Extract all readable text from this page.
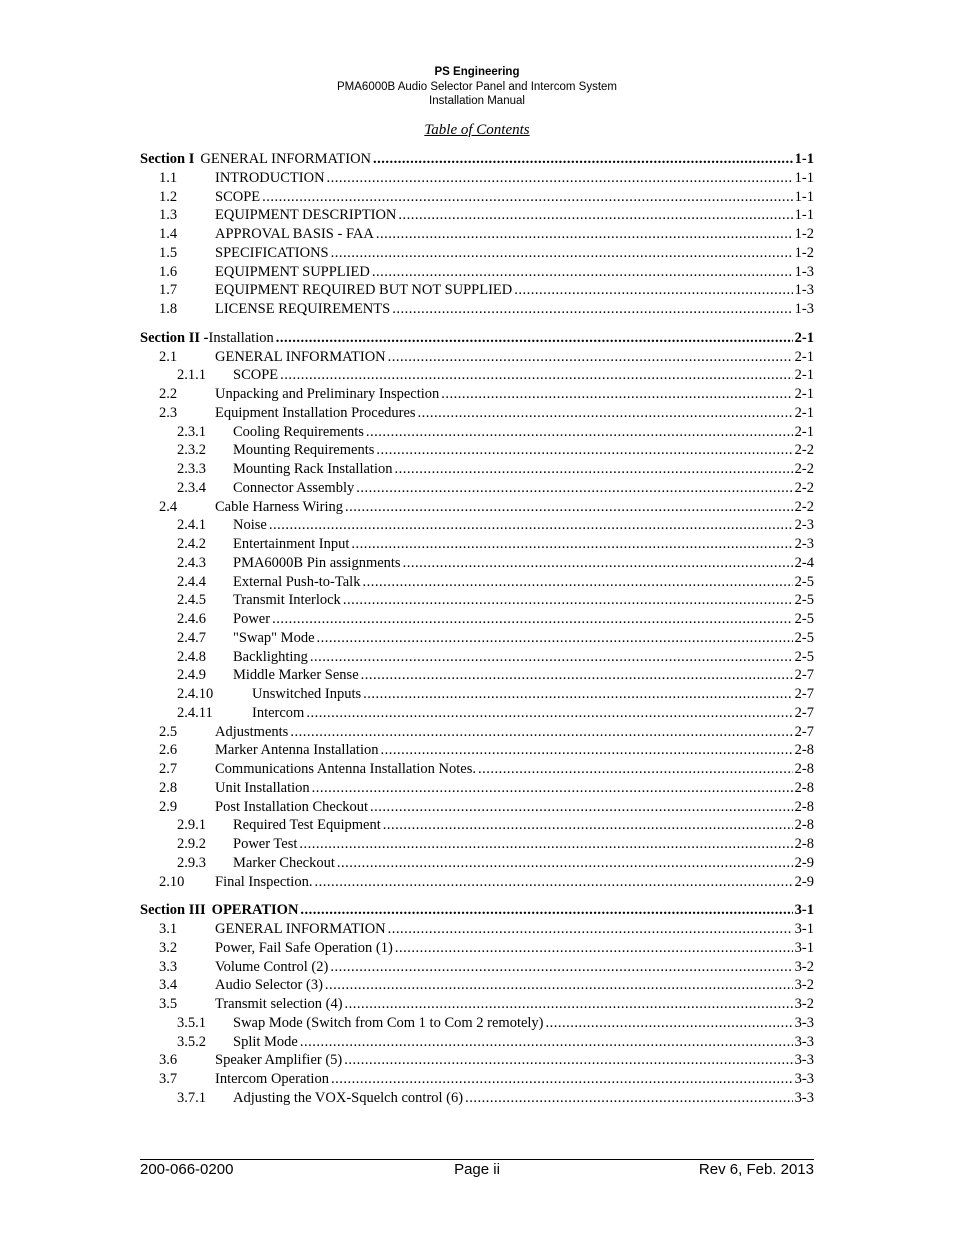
PS Engineering
PMA6000B Audio Selector Panel and Intercom System
Installation Manual
Table of Contents
Section I GENERAL INFORMATION .....	1-1
1.1	INTRODUCTION .....	1-1
1.2	SCOPE .....	1-1
1.3	EQUIPMENT DESCRIPTION .....	1-1
1.4	APPROVAL BASIS - FAA .....	1-2
1.5	SPECIFICATIONS .....	1-2
1.6	EQUIPMENT SUPPLIED .....	1-3
1.7	EQUIPMENT REQUIRED BUT NOT SUPPLIED .....	1-3
1.8	LICENSE REQUIREMENTS .....	1-3
Section II - Installation .....	2-1
2.1	GENERAL INFORMATION .....	2-1
2.1.1	SCOPE .....	2-1
2.2	Unpacking and Preliminary Inspection .....	2-1
2.3	Equipment Installation Procedures .....	2-1
2.3.1	Cooling Requirements .....	2-1
2.3.2	Mounting Requirements .....	2-2
2.3.3	Mounting Rack Installation .....	2-2
2.3.4	Connector Assembly .....	2-2
2.4	Cable Harness Wiring .....	2-2
2.4.1	Noise .....	2-3
2.4.2	Entertainment Input .....	2-3
2.4.3	PMA6000B Pin assignments .....	2-4
2.4.4	External Push-to-Talk .....	2-5
2.4.5	Transmit Interlock .....	2-5
2.4.6	Power .....	2-5
2.4.7	"Swap" Mode .....	2-5
2.4.8	Backlighting .....	2-5
2.4.9	Middle Marker Sense .....	2-7
2.4.10	Unswitched Inputs .....	2-7
2.4.11	Intercom .....	2-7
2.5	Adjustments .....	2-7
2.6	Marker Antenna Installation .....	2-8
2.7	Communications Antenna Installation Notes. .....	2-8
2.8	Unit Installation .....	2-8
2.9	Post Installation Checkout .....	2-8
2.9.1	Required Test Equipment .....	2-8
2.9.2	Power Test .....	2-8
2.9.3	Marker Checkout .....	2-9
2.10	Final Inspection. .....	2-9
Section III OPERATION .....	3-1
3.1	GENERAL INFORMATION .....	3-1
3.2	Power, Fail Safe Operation (1) .....	3-1
3.3	Volume Control (2) .....	3-2
3.4	Audio Selector (3) .....	3-2
3.5	Transmit selection (4) .....	3-2
3.5.1	Swap Mode (Switch from Com 1 to Com 2 remotely) .....	3-3
3.5.2	Split Mode .....	3-3
3.6	Speaker Amplifier (5) .....	3-3
3.7	Intercom Operation .....	3-3
3.7.1	Adjusting the VOX-Squelch control (6) .....	3-3
200-066-0200	Page ii	Rev 6, Feb. 2013
